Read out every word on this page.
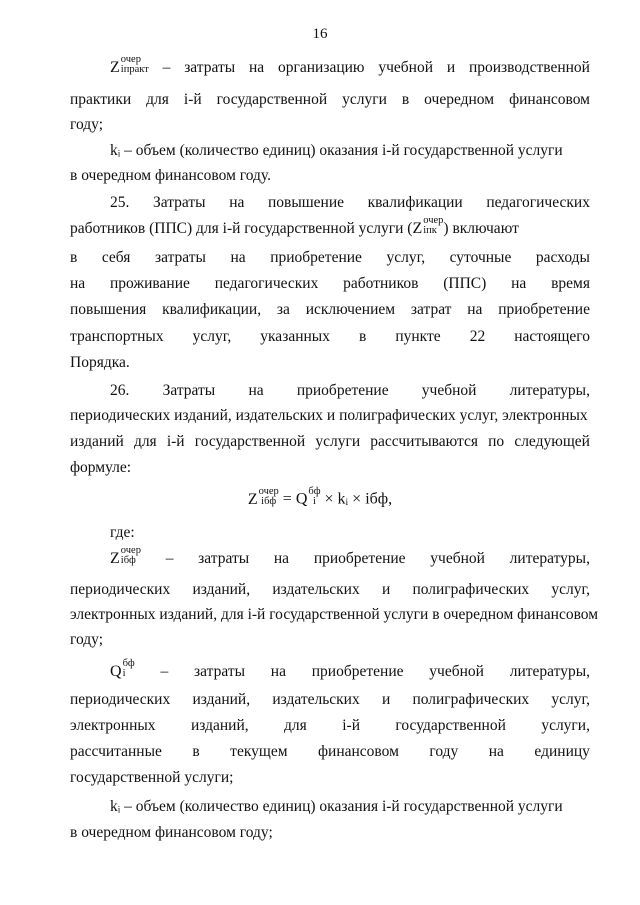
16
Z очер
iпракт – затраты на организацию учебной и производственной
практики для i-й государственной услуги в очередном финансовом
году;
kᵢ – объем (количество единиц) оказания i-й государственной услуги
в очередном финансовом году.
25. Затраты на повышение квалификации педагогических
работников (ППС) для i-й государственной услуги (Z очер
iпк ) включают
в себя затраты на приобретение услуг, суточные расходы
на проживание педагогических работников (ППС) на время
повышения квалификации, за исключением затрат на приобретение
транспортных услуг, указанных в пункте 22 настоящего
Порядка.
26. Затраты на приобретение учебной литературы,
периодических изданий, издательских и полиграфических услуг, электронных
изданий для i-й государственной услуги рассчитываются по следующей
формуле:
Z очер
iбф = Q бф
i × kᵢ × iбф,
где:
Z очер
iбф	– затраты на приобретение учебной литературы,
периодических изданий, издательских и полиграфических услуг,
электронных изданий, для i-й государственной услуги в очередном финансовом
году;
Q бф
i	– затраты на приобретение учебной литературы,
периодических изданий, издательских и полиграфических услуг,
электронных изданий, для i-й государственной услуги,
рассчитанные в текущем финансовом году на единицу
государственной услуги;
kᵢ – объем (количество единиц) оказания i-й государственной услуги
в очередном финансовом году;
